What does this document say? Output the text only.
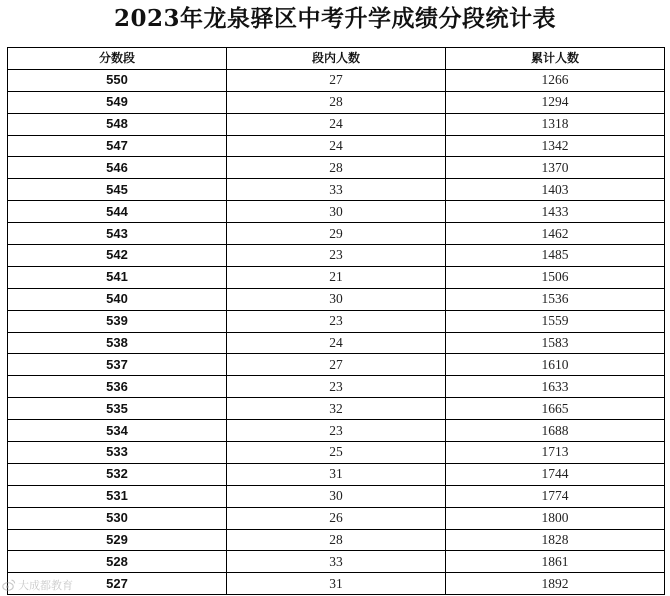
2023年龙泉驿区中考升学成绩分段统计表
分数段	段内人数	累计人数
550	27	1266
549	28	1294
548	24	1318
547	24	1342
546	28	1370
545	33	1403
544	30	1433
543	29	1462
542	23	1485
541	21	1506
540	30	1536
539	23	1559
538	24	1583
537	27	1610
536	23	1633
535	32	1665
534	23	1688
533	25	1713
532	31	1744
531	30	1774
530	26	1800
529	28	1828
528	33	1861
527	31	1892
大成都教育
